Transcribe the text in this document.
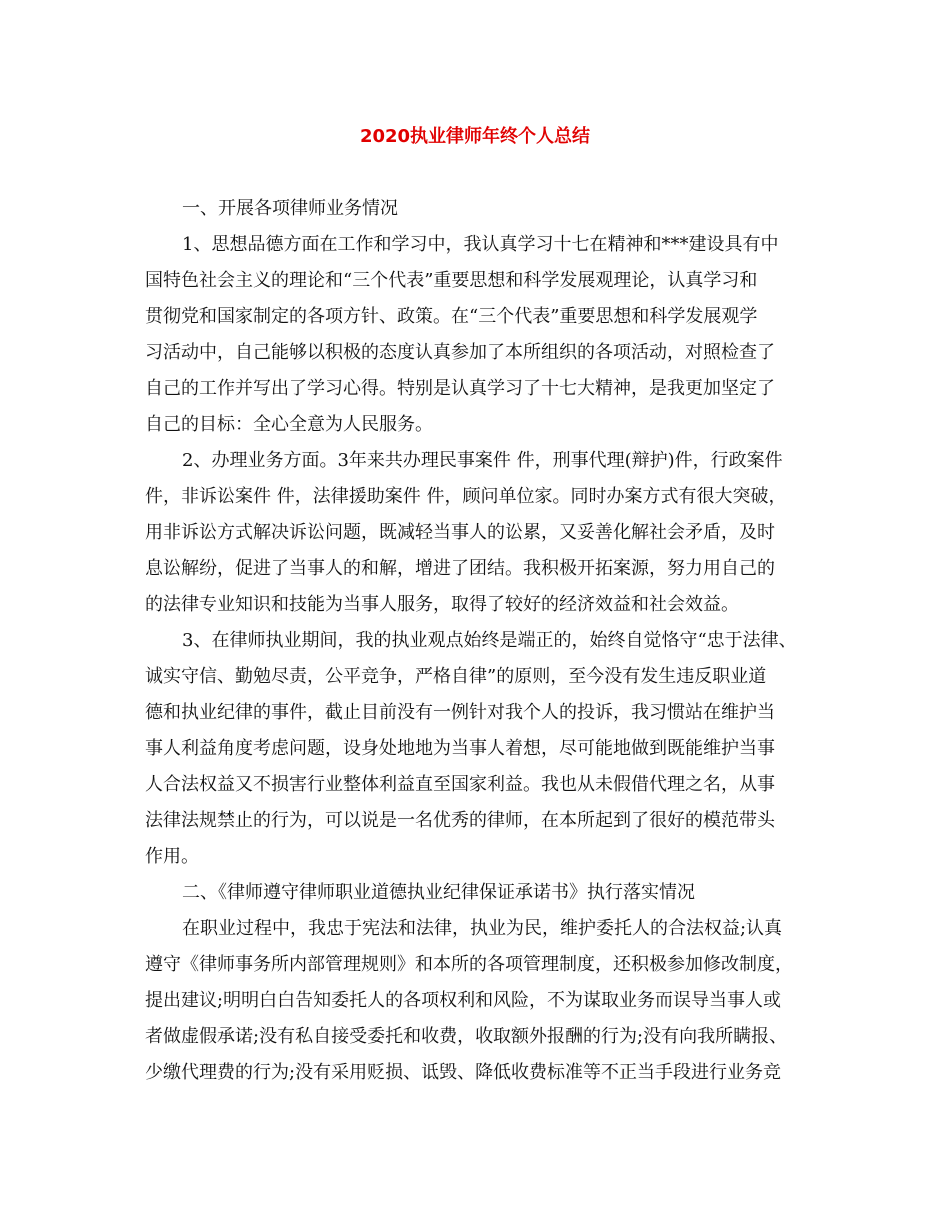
2020执业律师年终个人总结

一、开展各项律师业务情况

1、思想品德方面在工作和学习中，我认真学习十七在精神和***建设具有中

国特色社会主义的理论和“三个代表”重要思想和科学发展观理论，认真学习和

贯彻党和国家制定的各项方针、政策。在“三个代表”重要思想和科学发展观学

习活动中，自己能够以积极的态度认真参加了本所组织的各项活动，对照检查了

自己的工作并写出了学习心得。特别是认真学习了十七大精神，是我更加坚定了

自己的目标：全心全意为人民服务。

2、办理业务方面。3年来共办理民事案件 件，刑事代理(辩护)件，行政案件

件，非诉讼案件 件，法律援助案件 件，顾问单位家。同时办案方式有很大突破，

用非诉讼方式解决诉讼问题，既减轻当事人的讼累，又妥善化解社会矛盾，及时

息讼解纷，促进了当事人的和解，增进了团结。我积极开拓案源，努力用自己的

的法律专业知识和技能为当事人服务，取得了较好的经济效益和社会效益。

3、在律师执业期间，我的执业观点始终是端正的，始终自觉恪守“忠于法律、

诚实守信、勤勉尽责，公平竞争，严格自律”的原则，至今没有发生违反职业道

德和执业纪律的事件，截止目前没有一例针对我个人的投诉，我习惯站在维护当

事人利益角度考虑问题，设身处地地为当事人着想，尽可能地做到既能维护当事

人合法权益又不损害行业整体利益直至国家利益。我也从未假借代理之名，从事

法律法规禁止的行为，可以说是一名优秀的律师，在本所起到了很好的模范带头

作用。

二、《律师遵守律师职业道德执业纪律保证承诺书》执行落实情况

在职业过程中，我忠于宪法和法律，执业为民，维护委托人的合法权益;认真

遵守《律师事务所内部管理规则》和本所的各项管理制度，还积极参加修改制度，

提出建议;明明白白告知委托人的各项权利和风险，不为谋取业务而误导当事人或

者做虚假承诺;没有私自接受委托和收费，收取额外报酬的行为;没有向我所瞒报、

少缴代理费的行为;没有采用贬损、诋毁、降低收费标准等不正当手段进行业务竞
